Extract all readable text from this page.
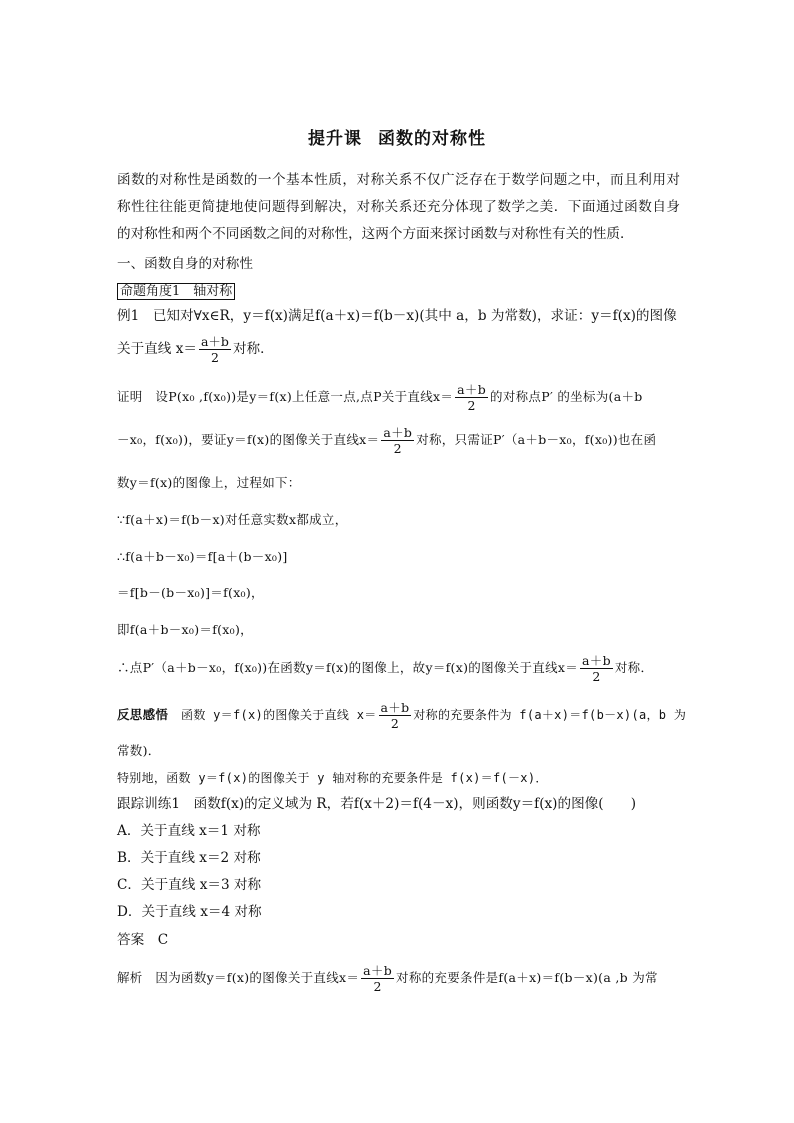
提升课 函数的对称性
函数的对称性是函数的一个基本性质，对称关系不仅广泛存在于数学问题之中，而且利用对
称性往往能更简捷地使问题得到解决，对称关系还充分体现了数学之美．下面通过函数自身
的对称性和两个不同函数之间的对称性，这两个方面来探讨函数与对称性有关的性质．
一、函数自身的对称性
命题角度1　轴对称
例1　 已知对∀x∈R，y＝f(x)满足f(a＋x)＝f(b－x)(其中 a，b 为常数)，求证：y＝f(x)的图像
关于直线 $x= \frac{a+b}{2}$ 对称．
证明　 设P(x₀ ,f(x₀))是y＝f(x)上任意一点,点P关于直线$x= \frac{a+b}{2}$ 的对称点P′ 的坐标为(a＋b
－x₀，f(x₀))，要证y＝f(x)的图像关于直线$x= \frac{a+b}{2}$ 对称，只需证P′（a＋b－x₀，f(x₀))也在函
数y＝f(x)的图像上，过程如下：
∵f(a＋x)＝f(b－x)对任意实数x都成立，
∴f(a＋b－x₀)＝f[a＋(b－x₀)]
＝f[b－(b－x₀)]＝f(x₀)，
即f(a＋b－x₀)＝f(x₀)，
∴点P′（a＋b－x₀，f(x₀))在函数y＝f(x)的图像上，故y＝f(x)的图像关于直线$x= \frac{a+b}{2}$ 对称．
反思感悟　 函数 y＝f(x)的图像关于直线 $x= \frac{a+b}{2}$ 对称的充要条件为 f(a＋x)＝f(b－x)(a，b 为
常数)．
特别地，函数 y＝f(x)的图像关于 y 轴对称的充要条件是 f(x)＝f(－x)．
跟踪训练1　 函数f(x)的定义域为 R，若f(x＋2)＝f(4－x)，则函数y＝f(x)的图像(　　)
A．关于直线 x＝1 对称
B．关于直线 x＝2 对称
C．关于直线 x＝3 对称
D．关于直线 x＝4 对称
答案　 C
解析　 因为函数y＝f(x)的图像关于直线$x= \frac{a+b}{2}$ 对称的充要条件是f(a＋x)＝f(b－x)(a ,b 为常
